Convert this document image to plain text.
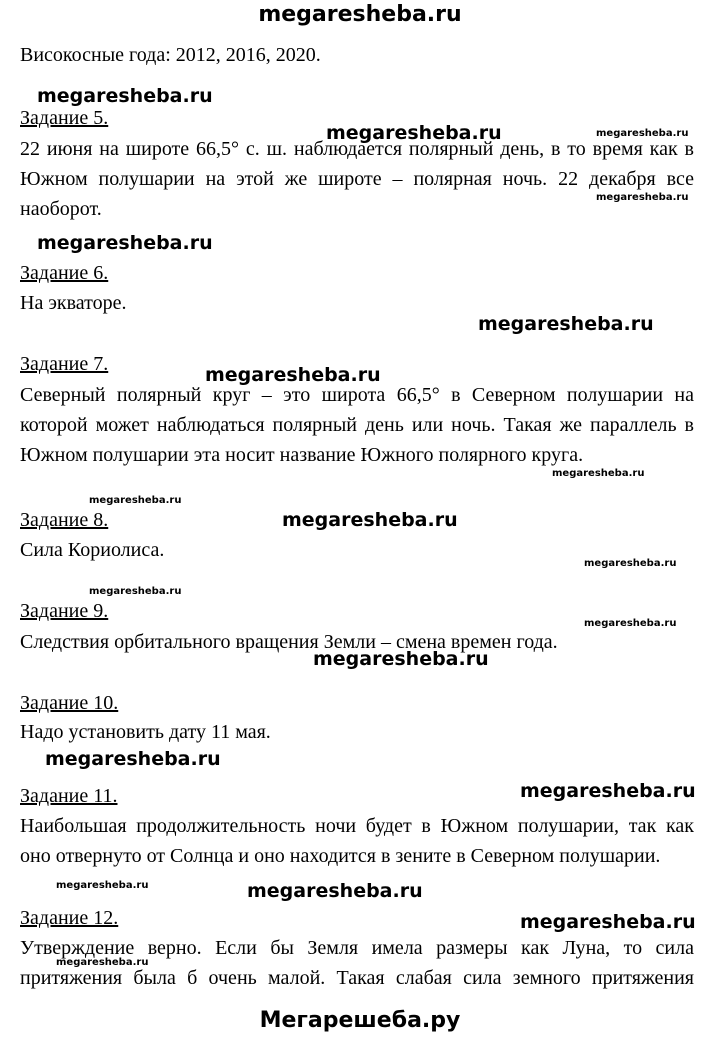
megaresheba.ru
Високосные года: 2012, 2016, 2020.
Задание 5.
22 июня на широте 66,5° с. ш. наблюдается полярный день, в то время как в
Южном полушарии на этой же широте – полярная ночь. 22 декабря все
наоборот.
Задание 6.
На экваторе.
Задание 7.
Северный полярный круг – это широта 66,5° в Северном полушарии на
которой может наблюдаться полярный день или ночь. Такая же параллель в
Южном полушарии эта носит название Южного полярного круга.
Задание 8.
Сила Кориолиса.
Задание 9.
Следствия орбитального вращения Земли – смена времен года.
Задание 10.
Надо установить дату 11 мая.
Задание 11.
Наибольшая продолжительность ночи будет в Южном полушарии, так как
оно отвернуто от Солнца и оно находится в зените в Северном полушарии.
Задание 12.
Утверждение верно. Если бы Земля имела размеры как Луна, то сила
притяжения была б очень малой. Такая слабая сила земного притяжения
megaresheba.ru
megaresheba.ru	megaresheba.ru
megaresheba.ru
megaresheba.ru
megaresheba.ru
megaresheba.ru
megaresheba.ru
megaresheba.ru
megaresheba.ru
megaresheba.ru
megaresheba.ru
megaresheba.ru
megaresheba.ru
megaresheba.ru
megaresheba.ru
megaresheba.ru	megaresheba.ru
megaresheba.ru
megaresheba.ru
Мегарешеба.ру
